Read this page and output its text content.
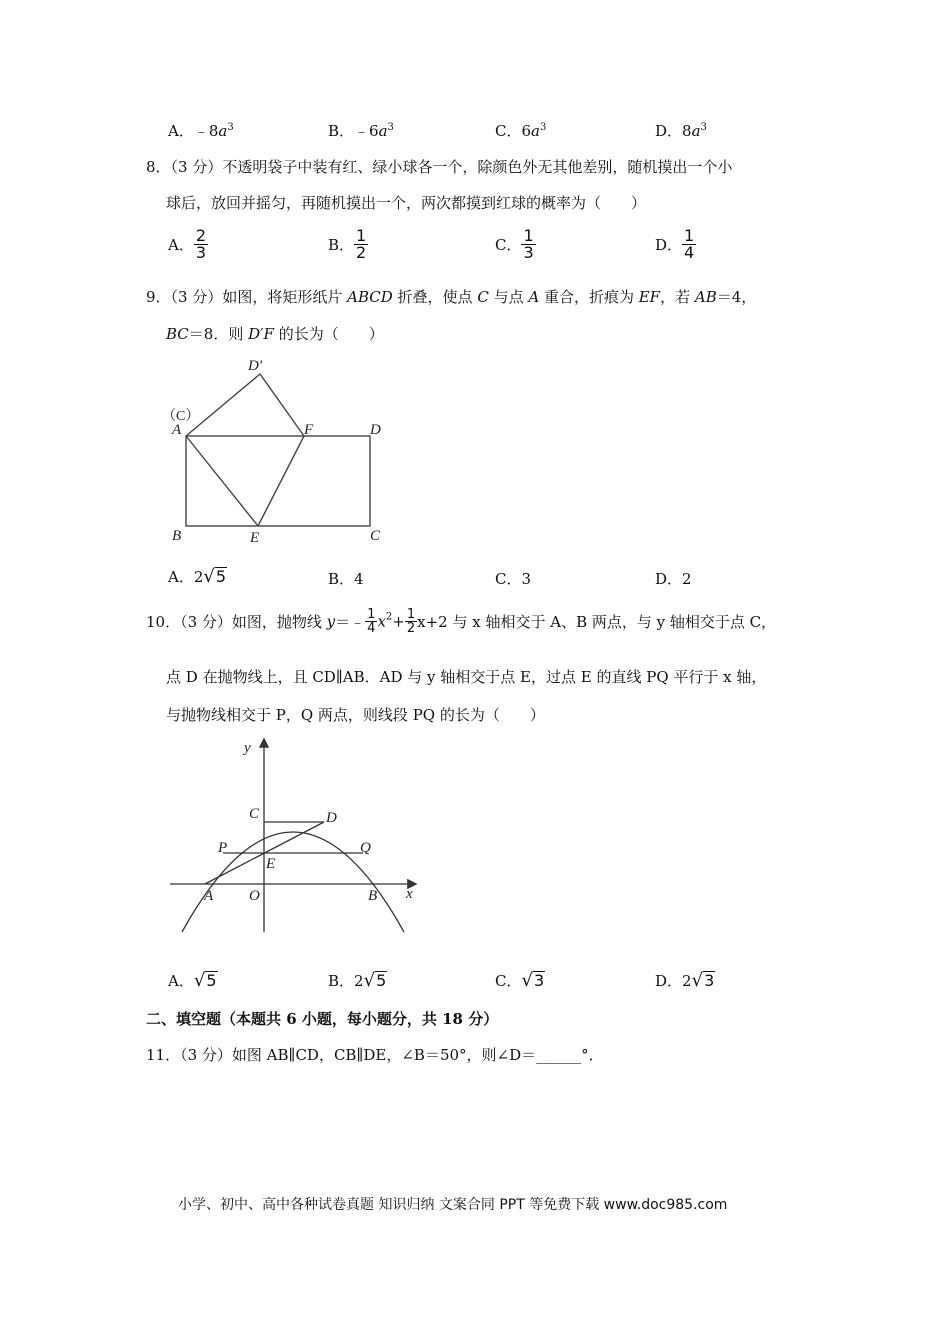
A．$﹣8a^3$	B．$﹣6a^3$	C．$6a^3$	D．$8a^3$
8．（3 分）不透明袋子中装有红、绿小球各一个，除颜色外无其他差别，随机摸出一个小
球后，放回并摇匀，再随机摸出一个，两次都摸到红球的概率为（　　）
A． $\frac{2}{3}$	B． $\frac{1}{2}$	C． $\frac{1}{3}$	D． $\frac{1}{4}$
9．（3 分）如图，将矩形纸片 ABCD 折叠，使点 C 与点 A 重合，折痕为 EF，若 AB＝4，
BC＝8．则 D′F 的长为（　　）
D′
（C）
A	F	D
B	E	C
A．2√5	B．4	C．3	D．2
10．（3 分）如图，抛物线 y＝﹣ $\frac{1}{4} x^2+ \frac{1}{2} x+2$ 与 x 轴相交于 A、B 两点，与 y 轴相交于点 C，
点 D 在抛物线上，且 CD∥AB．AD 与 y 轴相交于点 E，过点 E 的直线 PQ 平行于 x 轴，
与抛物线相交于 P，Q 两点，则线段 PQ 的长为（　　）
y
x
C	D
P	Q
E
A O	B
A．√5	B．2√5	C．√3	D．2√3
二、填空题（本题共 6 小题，每小题分，共 18 分）
11．（3 分）如图 AB∥CD，CB∥DE，∠B＝50°，则∠D＝______°．
小学、初中、高中各种试卷真题 知识归纳 文案合同 PPT 等免费下载 www.doc985.com
